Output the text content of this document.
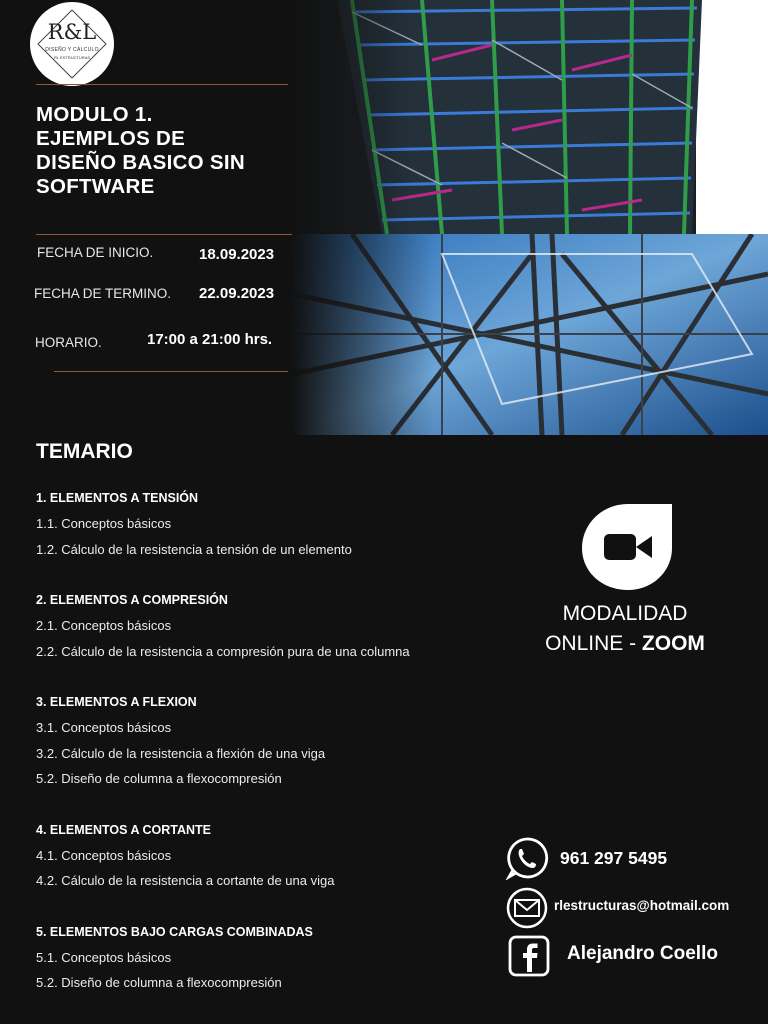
R&L
DISEÑO Y CÁLCULO
RL ESTRUCTURAS
MODULO 1.
EJEMPLOS DE
DISEÑO BASICO SIN
SOFTWARE
FECHA DE INICIO.	18.09.2023
FECHA DE TERMINO. 22.09.2023
HORARIO.	17:00 a 21:00 hrs.
TEMARIO
1. ELEMENTOS A TENSIÓN
1.1. Conceptos básicos
1.2. Cálculo de la resistencia a tensión de un elemento
2. ELEMENTOS A COMPRESIÓN
2.1. Conceptos básicos
2.2. Cálculo de la resistencia a compresión pura de una columna
3. ELEMENTOS A FLEXION
3.1. Conceptos básicos
3.2. Cálculo de la resistencia a flexión de una viga
5.2. Diseño de columna a flexocompresión
4. ELEMENTOS A CORTANTE
4.1. Conceptos básicos
4.2. Cálculo de la resistencia a cortante de una viga
5. ELEMENTOS BAJO CARGAS COMBINADAS
5.1. Conceptos básicos
5.2. Diseño de columna a flexocompresión
MODALIDAD
ONLINE - ZOOM
961 297 5495
rlestructuras@hotmail.com
Alejandro Coello
